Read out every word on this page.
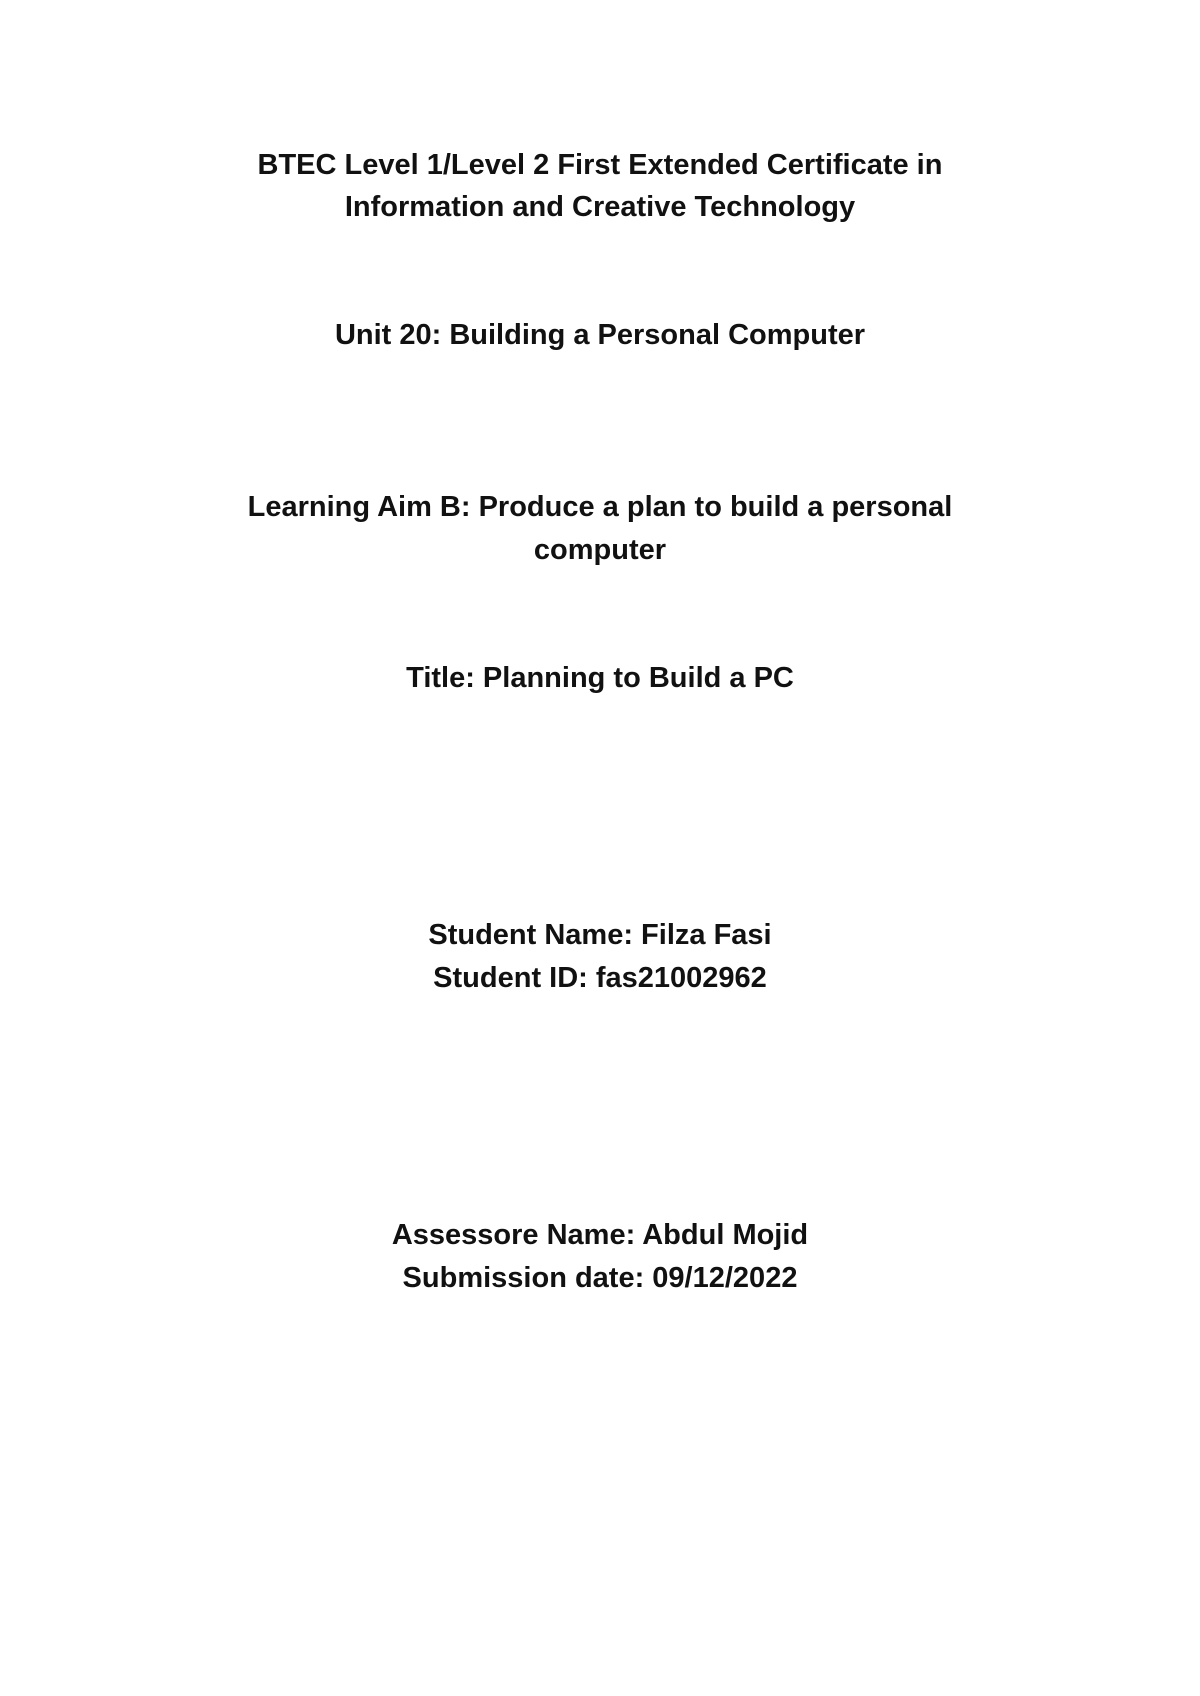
BTEC Level 1/Level 2 First Extended Certificate in
Information and Creative Technology
Unit 20: Building a Personal Computer
Learning Aim B: Produce a plan to build a personal
computer
Title: Planning to Build a PC
Student Name: Filza Fasi
Student ID: fas21002962
Assessore Name: Abdul Mojid
Submission date: 09/12/2022
